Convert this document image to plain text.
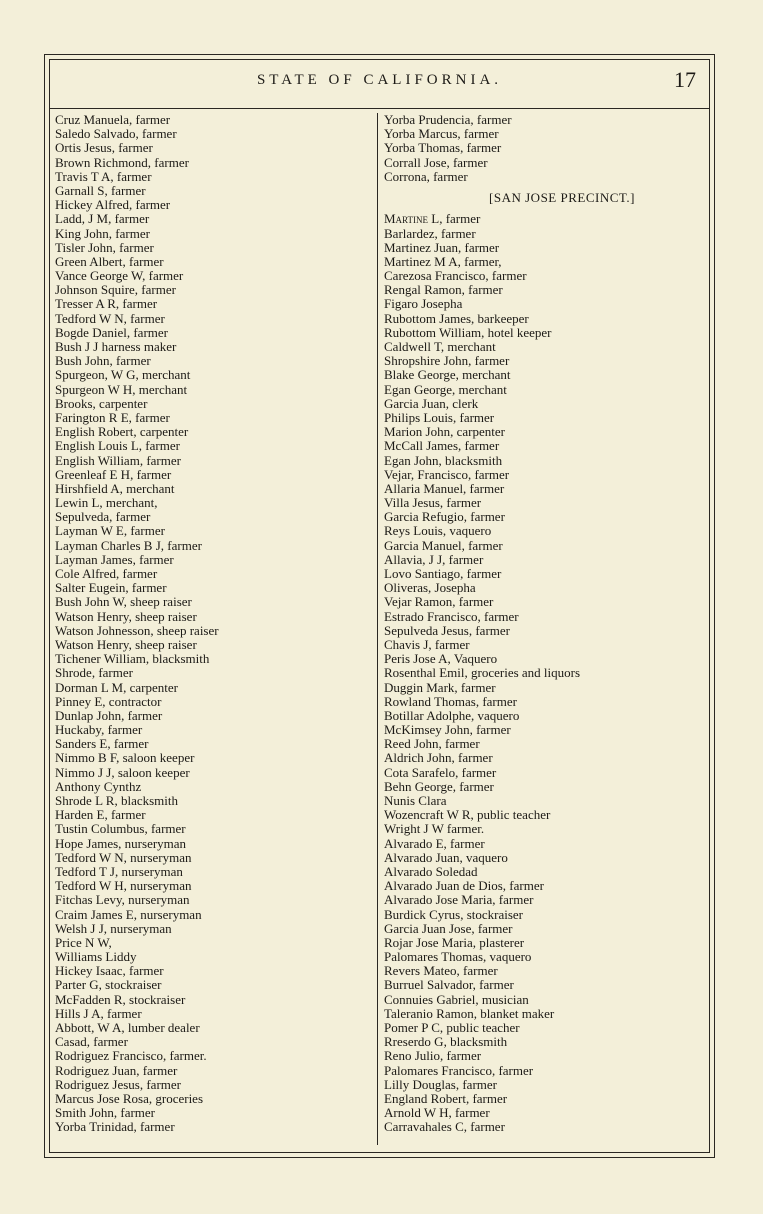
STATE OF CALIFORNIA.	17
Cruz Manuela, farmer
Saledo Salvado, farmer
Ortis Jesus, farmer
Brown Richmond, farmer
Travis T A, farmer
Garnall S, farmer
Hickey Alfred, farmer
Ladd, J M, farmer
King John, farmer
Tisler John, farmer
Green Albert, farmer
Vance George W, farmer
Johnson Squire, farmer
Tresser A R, farmer
Tedford W N, farmer
Bogde Daniel, farmer
Bush J J harness maker
Bush John, farmer
Spurgeon, W G, merchant
Spurgeon W H, merchant
Brooks, carpenter
Farington R E, farmer
English Robert, carpenter
English Louis L, farmer
English William, farmer
Greenleaf E H, farmer
Hirshfield A, merchant
Lewin L, merchant,
Sepulveda, farmer
Layman W E, farmer
Layman Charles B J, farmer
Layman James, farmer
Cole Alfred, farmer
Salter Eugein, farmer
Bush John W, sheep raiser
Watson Henry, sheep raiser
Watson Johnesson, sheep raiser
Watson Henry, sheep raiser
Tichener William, blacksmith
Shrode, farmer
Dorman L M, carpenter
Pinney E, contractor
Dunlap John, farmer
Huckaby, farmer
Sanders E, farmer
Nimmo B F, saloon keeper
Nimmo J J, saloon keeper
Anthony Cynthz
Shrode L R, blacksmith
Harden E, farmer
Tustin Columbus, farmer
Hope James, nurseryman
Tedford W N, nurseryman
Tedford T J, nurseryman
Tedford W H, nurseryman
Fitchas Levy, nurseryman
Craim James E, nurseryman
Welsh J J, nurseryman
Price N W,
Williams Liddy
Hickey Isaac, farmer
Parter G, stockraiser
McFadden R, stockraiser
Hills J A, farmer
Abbott, W A, lumber dealer
Casad, farmer
Rodriguez Francisco, farmer.
Rodriguez Juan, farmer
Rodriguez Jesus, farmer
Marcus Jose Rosa, groceries
Smith John, farmer
Yorba Trinidad, farmer
Yorba Prudencia, farmer
Yorba Marcus, farmer
Yorba Thomas, farmer
Corrall Jose, farmer
Corrona, farmer
[SAN JOSE PRECINCT.]
Martine L, farmer
Barlardez, farmer
Martinez Juan, farmer
Martinez M A, farmer,
Carezosa Francisco, farmer
Rengal Ramon, farmer
Figaro Josepha
Rubottom James, barkeeper
Rubottom William, hotel keeper
Caldwell T, merchant
Shropshire John, farmer
Blake George, merchant
Egan George, merchant
Garcia Juan, clerk
Philips Louis, farmer
Marion John, carpenter
McCall James, farmer
Egan John, blacksmith
Vejar, Francisco, farmer
Allaria Manuel, farmer
Villa Jesus, farmer
Garcia Refugio, farmer
Reys Louis, vaquero
Garcia Manuel, farmer
Allavia, J J, farmer
Lovo Santiago, farmer
Oliveras, Josepha
Vejar Ramon, farmer
Estrado Francisco, farmer
Sepulveda Jesus, farmer
Chavis J, farmer
Peris Jose A, Vaquero
Rosenthal Emil, groceries and liquors
Duggin Mark, farmer
Rowland Thomas, farmer
Botillar Adolphe, vaquero
McKimsey John, farmer
Reed John, farmer
Aldrich John, farmer
Cota Sarafelo, farmer
Behn George, farmer
Nunis Clara
Wozencraft W R, public teacher
Wright J W farmer.
Alvarado E, farmer
Alvarado Juan, vaquero
Alvarado Soledad
Alvarado Juan de Dios, farmer
Alvarado Jose Maria, farmer
Burdick Cyrus, stockraiser
Garcia Juan Jose, farmer
Rojar Jose Maria, plasterer
Palomares Thomas, vaquero
Revers Mateo, farmer
Burruel Salvador, farmer
Connuies Gabriel, musician
Taleranio Ramon, blanket maker
Pomer P C, public teacher
Rreserdo G, blacksmith
Reno Julio, farmer
Palomares Francisco, farmer
Lilly Douglas, farmer
England Robert, farmer
Arnold W H, farmer
Carravahales C, farmer
